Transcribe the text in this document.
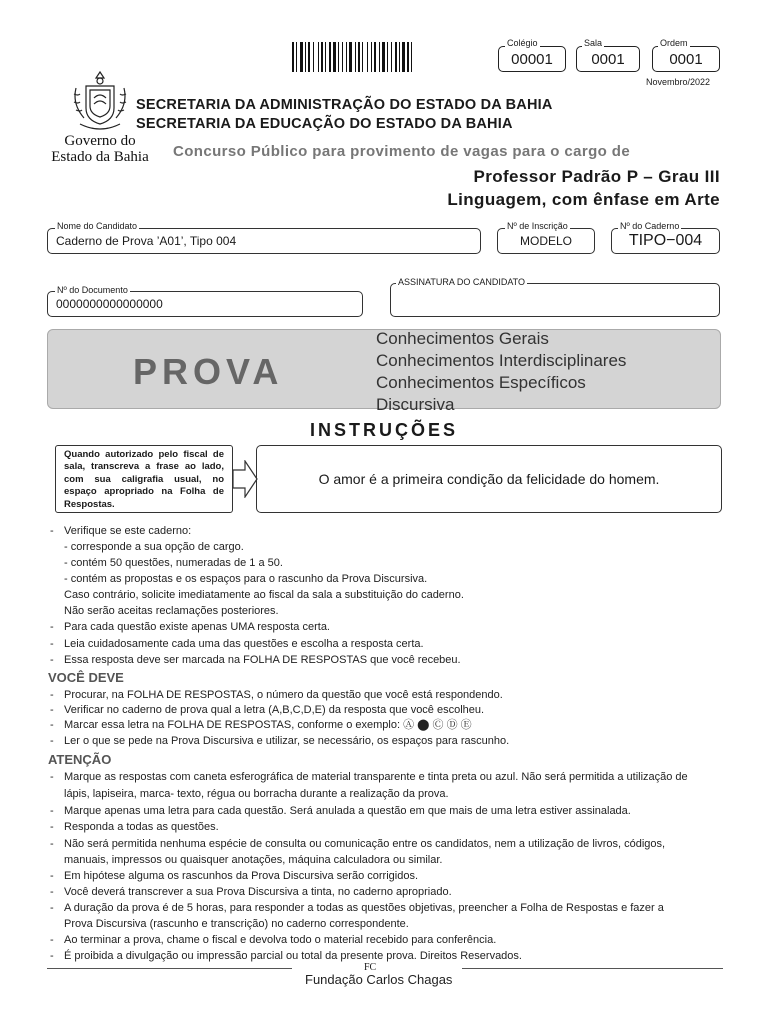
00001
Colégio
0001
Sala
0001
Ordem
Novembro/2022
Governo do
Estado da Bahia
SECRETARIA DA ADMINISTRAÇÃO DO ESTADO DA BAHIA
SECRETARIA DA EDUCAÇÃO DO ESTADO DA BAHIA
Concurso Público para provimento de vagas para o cargo de
Professor Padrão P – Grau III
Linguagem, com ênfase em Arte
Caderno de Prova ’A01’, Tipo 004
Nome do Candidato
MODELO
Nº de Inscrição
TIPO−004
Nº do Caderno
0000000000000000
Nº do Documento
ASSINATURA DO CANDIDATO
PROVA
Conhecimentos Gerais
Conhecimentos Interdisciplinares
Conhecimentos Específicos
Discursiva
INSTRUÇÕES
Quando autorizado pelo fiscal de sala, transcreva a frase ao lado, com sua caligrafia usual, no espaço apropriado na Folha de Respostas.
O amor é a primeira condição da felicidade do homem.
- Verifique se este caderno:
- corresponde a sua opção de cargo.
- contém 50 questões, numeradas de 1 a 50.
- contém as propostas e os espaços para o rascunho da Prova Discursiva.
Caso contrário, solicite imediatamente ao fiscal da sala a substituição do caderno.
Não serão aceitas reclamações posteriores.
- Para cada questão existe apenas UMA resposta certa.
- Leia cuidadosamente cada uma das questões e escolha a resposta certa.
- Essa resposta deve ser marcada na FOLHA DE RESPOSTAS que você recebeu.
VOCÊ DEVE
- Procurar, na FOLHA DE RESPOSTAS, o número da questão que você está respondendo.
- Verificar no caderno de prova qual a letra (A,B,C,D,E) da resposta que você escolheu.
- Marcar essa letra na FOLHA DE RESPOSTAS, conforme o exemplo: Ⓐ ⬤ Ⓒ Ⓓ Ⓔ
- Ler o que se pede na Prova Discursiva e utilizar, se necessário, os espaços para rascunho.
ATENÇÃO
- Marque as respostas com caneta esferográfica de material transparente e tinta preta ou azul. Não será permitida a utilização de
lápis, lapiseira, marca- texto, régua ou borracha durante a realização da prova.
- Marque apenas uma letra para cada questão. Será anulada a questão em que mais de uma letra estiver assinalada.
- Responda a todas as questões.
- Não será permitida nenhuma espécie de consulta ou comunicação entre os candidatos, nem a utilização de livros, códigos,
manuais, impressos ou quaisquer anotações, máquina calculadora ou similar.
- Em hipótese alguma os rascunhos da Prova Discursiva serão corrigidos.
- Você deverá transcrever a sua Prova Discursiva a tinta, no caderno apropriado.
- A duração da prova é de 5 horas, para responder a todas as questões objetivas, preencher a Folha de Respostas e fazer a
Prova Discursiva (rascunho e transcrição) no caderno correspondente.
- Ao terminar a prova, chame o fiscal e devolva todo o material recebido para conferência.
- É proibida a divulgação ou impressão parcial ou total da presente prova. Direitos Reservados.
FC
Fundação Carlos Chagas
